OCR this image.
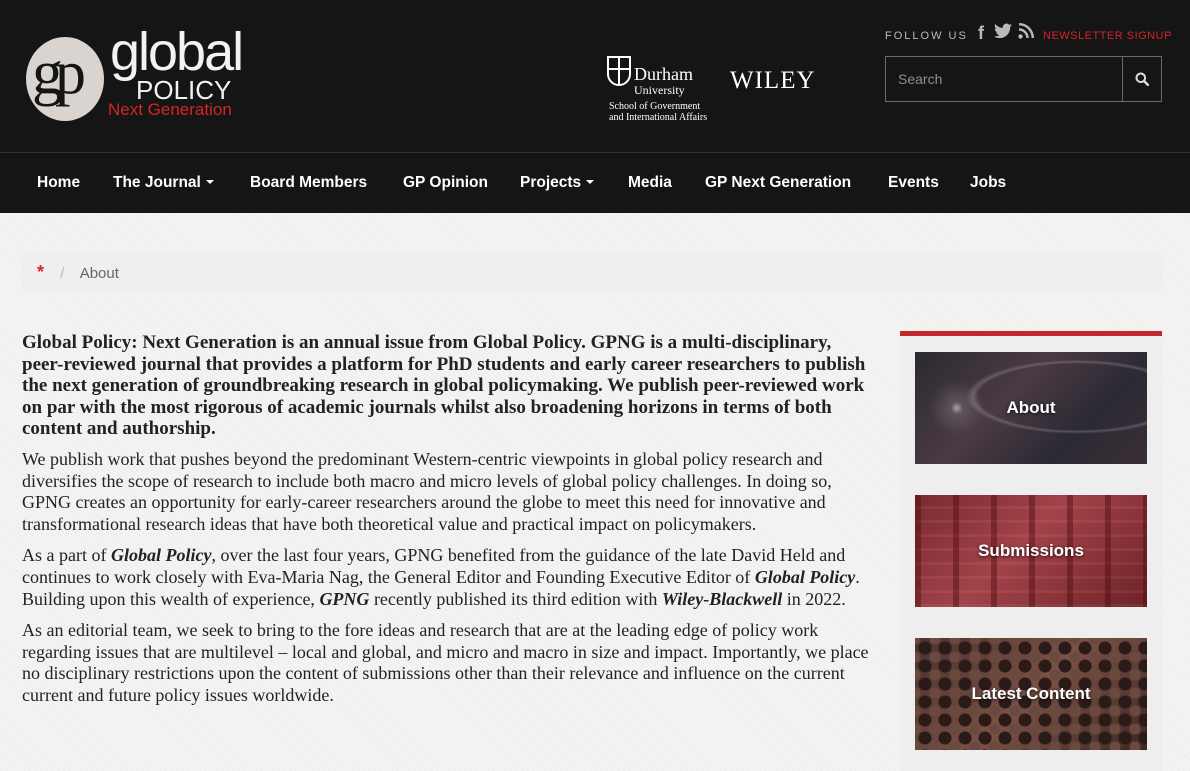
gp global
POLICY
Next Generation
Durham
University
School of Government
and International Affairs
WILEY
FOLLOW US f	NEWSLETTER SIGNUP
Search
Home The Journal	Board Members GP Opinion Projects	Media GP Next Generation Events Jobs
* / About

Global Policy: Next Generation is an annual issue from Global Policy. GPNG is a multi-disciplinary, peer-reviewed journal that provides a platform for PhD students and early career researchers to publish the next generation of groundbreaking research in global policymaking. We publish peer-reviewed work on par with the most rigorous of academic journals whilst also broadening horizons in terms of both content and authorship.

We publish work that pushes beyond the predominant Western-centric viewpoints in global policy research and diversifies the scope of research to include both macro and micro levels of global policy challenges. In doing so, GPNG creates an opportunity for early-career researchers around the globe to meet this need for innovative and transformational research ideas that have both theoretical value and practical impact on policymakers.

As a part of Global Policy, over the last four years, GPNG benefited from the guidance of the late David Held and continues to work closely with Eva-Maria Nag, the General Editor and Founding Executive Editor of Global Policy. Building upon this wealth of experience, GPNG recently published its third edition with Wiley-Blackwell in 2022.

As an editorial team, we seek to bring to the fore ideas and research that are at the leading edge of policy work regarding issues that are multilevel – local and global, and micro and macro in size and impact. Importantly, we place no disciplinary restrictions upon the content of submissions other than their relevance and influence on the current current and future policy issues worldwide.

About
Submissions
Latest Content
